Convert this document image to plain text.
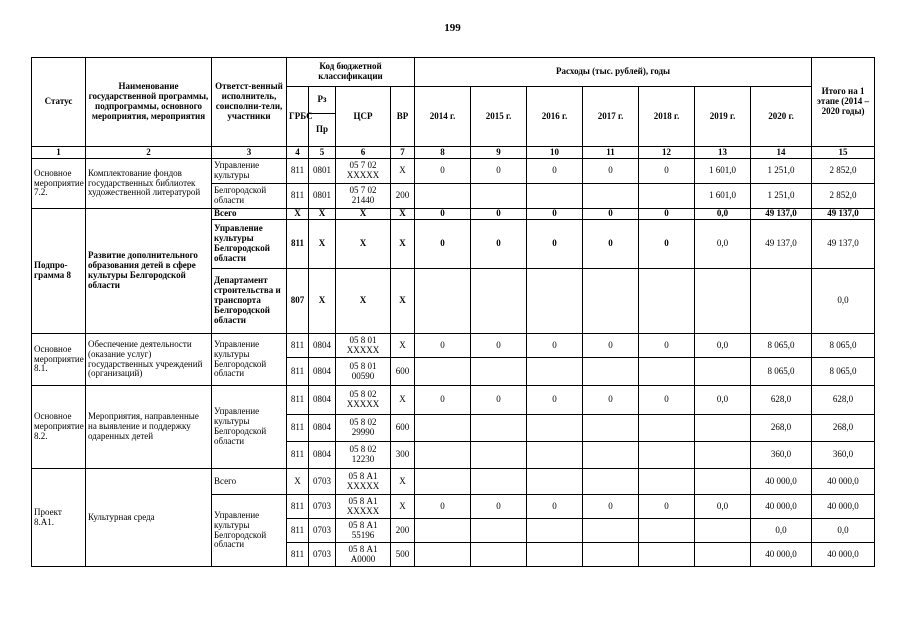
199
Статус	Наименование государственной программы, подпрограммы, основного мероприятия, мероприятия	Ответст-венный исполнитель, соисполни-тели, участники	Код бюджетной классификации				Расходы (тыс. рублей), годы							Итого на 1 этапе (2014 – 2020 годы)
			ГРБС	Рз	ЦСР	ВР	2014 г.	2015 г.	2016 г.	2017 г.	2018 г.	2019 г.	2020 г.	
				Пр										
1	2	3	4	5	6	7	8	9	10	11	12	13	14	15
Основное мероприятие 7.2.	Комплектование фондов государственных библиотек художественной литературой	Управление культуры	811	0801	05 7 02 XXXXX	X	0	0	0	0	0	1 601,0	1 251,0	2 852,0
		Белгородской области	811	0801	05 7 02 21440	200						1 601,0	1 251,0	2 852,0
Подпро-грамма 8	Развитие дополнительного образования детей в сфере культуры Белгородской области	Всего	X	X	X	X	0	0	0	0	0	0,0	49 137,0	49 137,0
		Управление культуры Белгородской области	811	X	X	X	0	0	0	0	0	0,0	49 137,0	49 137,0
		Департамент строительства и транспорта Белгородской области	807	X	X	X								0,0
Основное мероприятие 8.1.	Обеспечение деятельности (оказание услуг) государственных учреждений (организаций)	Управление культуры Белгородской области	811	0804	05 8 01 XXXXX	X	0	0	0	0	0	0,0	8 065,0	8 065,0
			811	0804	05 8 01 00590	600							8 065,0	8 065,0
Основное мероприятие 8.2.	Мероприятия, направленные на выявление и поддержку одаренных детей	Управление культуры Белгородской области	811	0804	05 8 02 XXXXX	X	0	0	0	0	0	0,0	628,0	628,0
			811	0804	05 8 02 29990	600							268,0	268,0
			811	0804	05 8 02 12230	300							360,0	360,0
Проект 8.А1.	Культурная среда	Всего	X	0703	05 8 А1 XXXXX	X							40 000,0	40 000,0
		Управление культуры Белгородской области	811	0703	05 8 А1 XXXXX	X	0	0	0	0	0	0,0	40 000,0	40 000,0
			811	0703	05 8 А1 55196	200							0,0	0,0
			811	0703	05 8 А1 А0000	500							40 000,0	40 000,0
